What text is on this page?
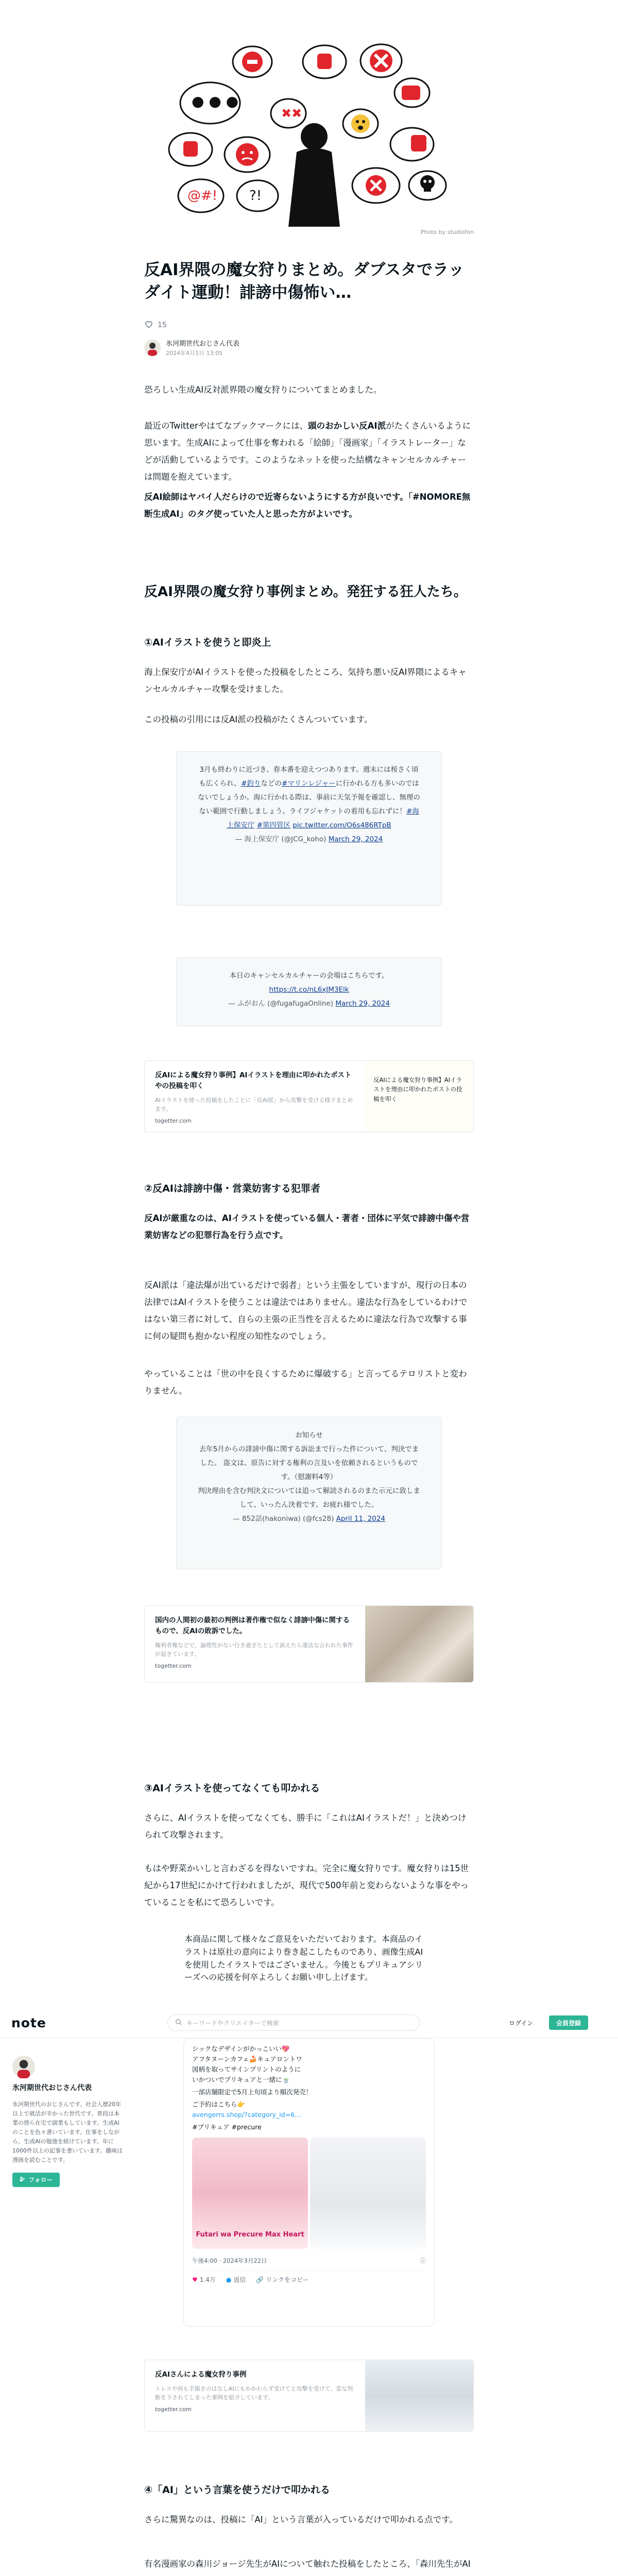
● ● ●
@#! ?!
✖✖
Photo by studiofon
反AI界隈の魔女狩りまとめ。ダブスタでラッダイト運動！誹謗中傷怖い…
15
氷河期世代おじさん代表
2024年4月1日 13:05

恐ろしい生成AI反対派界隈の魔女狩りについてまとめました。

最近のTwitterやはてなブックマークには、頭のおかしい反AI派がたくさんいるように思います。生成AIによって仕事を奪われる「絵師」「漫画家」「イラストレーター」などが活動しているようです。このようなネットを使った結構なキャンセルカルチャーは問題を抱えています。

反AI絵師はヤバイ人だらけので近寄らないようにする方が良いです。「#NOMORE無断生成AI」のタグ使っていた人と思った方がよいです。

反AI界隈の魔女狩り事例まとめ。発狂する狂人たち。
①AIイラストを使うと即炎上

海上保安庁がAIイラストを使った投稿をしたところ、気持ち悪い反AI界隈によるキャンセルカルチャー攻撃を受けました。

この投稿の引用には反AI派の投稿がたくさんついています。

3月も終わりに近づき、春本番を迎えつつあります。週末には桜さく頃も広くられ、#釣りなどの#マリンレジャーに行かれる方も多いのではないでしょうか。海に行かれる際は、事前に天気予報を確認し、無理のない範囲で行動しましょう。ライフジャケットの着用も忘れずに！#海上保安庁 #第四管区 pic.twitter.com/O6s486RTpB
— 海上保安庁 (@JCG_koho) March 29, 2024
本日のキャンセルカルチャーの会場はこちらです。
https://t.co/nL6xJM3Elk
— ふがおん (@fugafugaOnline) March 29, 2024
反AIによる魔女狩り事例】AIイラストを理由に叩かれたポストやの投稿を叩く
AIイラストを使った投稿をしたことに「反AI派」から攻撃を受ける様子まとめます。
togetter.com
反AIによる魔女狩り事例】AIイラストを理由に叩かれたポストの投稿を叩く
②反AIは誹謗中傷・営業妨害する犯罪者

反AIが厳重なのは、AIイラストを使っている個人・著者・団体に平気で誹謗中傷や営業妨害などの犯罪行為を行う点です。

反AI派は「違法爆が出ているだけで弱者」という主張をしていますが、現行の日本の法律ではAIイラストを使うことは違法ではありません。違法な行為をしているわけではない第三者に対して、自らの主張の正当性を言えるために違法な行為で攻撃する事に何の疑問も抱かない程度の知性なのでしょう。

やっていることは「世の中を良くするために爆破する」と言ってるテロリストと変わりません。

お知らせ
去年5月からの誹謗中傷に関する訴訟まで行った件について、判決でました。 盗文は、原告に対する権利の言及いを依頼されるというものです。（慰謝料4等）
判決理由を含む判決文については追って解読されるのまた示元に致しまして、いったん決着です。お疲れ様でした。
— 852話(hakoniwa) (@fcs28) April 11, 2024
国内の人間初の最初の判例は著作権で似なく誹謗中傷に関するもので、反AIの敗訴でした。
権利者権などで、論理性がない行き過ぎたとして訴えたら違法な言われた事件が起きています。
togetter.com
③AIイラストを使ってなくても叩かれる

さらに、AIイラストを使ってなくても、勝手に「これはAIイラストだ！」と決めつけられて攻撃されます。

もはや野菜かいしと言わざるを得ないですね。完全に魔女狩りです。魔女狩りは15世紀から17世紀にかけて行われましたが、現代で500年前と変わらないような事をやっていることを私にて恐ろしいです。

本商品に関して様々なご意見をいただいております。本商品のイラストは原社の意向により巻き起こしたものであり、画像生成AIを使用したイラストではございません。今後ともプリキュアシリーズへの応援を何卒よろしくお願い申し上げます。
note	キーワードやクリエイターで検索	ログイン	会員登録
氷河期世代おじさん代表
氷河期世代のおじさんです。社会人歴20年以上で就活が辛かった世代です。普段は本業の傍ら在宅で副業もしています。生成AIのことを色々書いています。仕事をしながら、生成AIの勉強を続けています。年に1000件以上の記事を書いています。趣味は漫画を読むことです。
フォロー
シックなデザインがかっこいい💖
アフタヌーンカフェ🍰キュアロントワ
図柄を取ってサインプリントのように
いかついでプリキュアと一緒に🍵
一部店舗限定で5月上旬頃より順次発売！
ご予約はこちら👉
avengerrs.shop/?category_id=6...
#プリキュア #precure
Futari wa Precure Max Heart
午後4:00 · 2024年3月22日	ⓘ
♥ 1.4万 ● 返信 🔗 リンクをコピー
反AIさんによる魔女狩り事例
トレスや何も手描きのはなしAIにもかかわらず受けてと攻撃を受けて、変な判断を下されてしまった事例を紹介しています。
togetter.com
④「AI」という言葉を使うだけで叩かれる

さらに驚異なのは、投稿に「AI」という言葉が入っているだけで叩かれる点です。

有名漫画家の森川ジョージ先生がAIについて触れた投稿をしたところ、「森川先生がAI
